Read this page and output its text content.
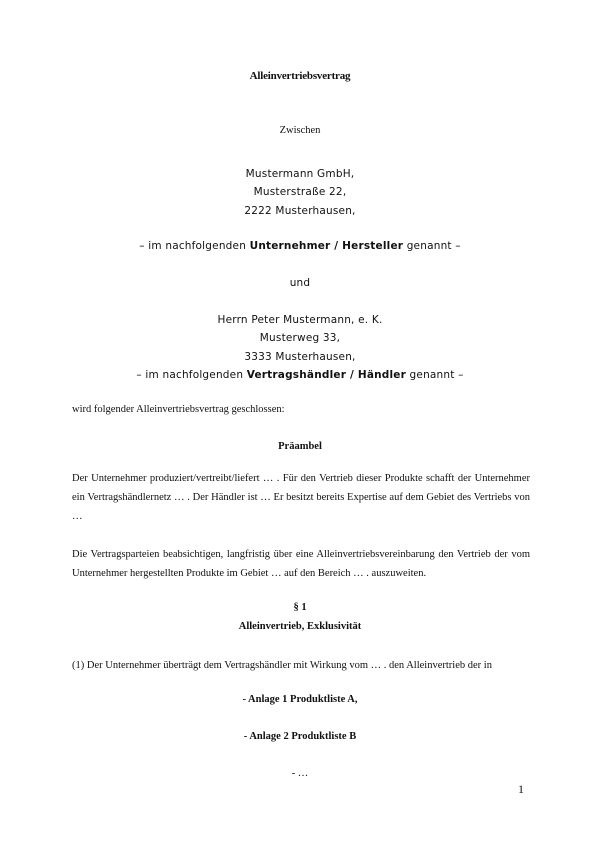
Alleinvertriebsvertrag
Zwischen
Mustermann GmbH,
Musterstraße 22,
2222 Musterhausen,
– im nachfolgenden Unternehmer / Hersteller genannt –
und
Herrn Peter Mustermann, e. K.
Musterweg 33,
3333 Musterhausen,
– im nachfolgenden Vertragshändler / Händler genannt –
wird folgender Alleinvertriebsvertrag geschlossen:
Präambel
Der Unternehmer produziert/vertreibt/liefert … . Für den Vertrieb dieser Produkte schafft der Unternehmer ein Vertragshändlernetz … . Der Händler ist … Er besitzt bereits Expertise auf dem Gebiet des Vertriebs von …
Die Vertragsparteien beabsichtigen, langfristig über eine Alleinvertriebsvereinbarung den Vertrieb der vom Unternehmer hergestellten Produkte im Gebiet … auf den Bereich … . auszuweiten.
§ 1
Alleinvertrieb, Exklusivität
(1) Der Unternehmer überträgt dem Vertragshändler mit Wirkung vom … . den Alleinvertrieb der in
- Anlage 1 Produktliste A,
- Anlage 2 Produktliste B
- …
1
